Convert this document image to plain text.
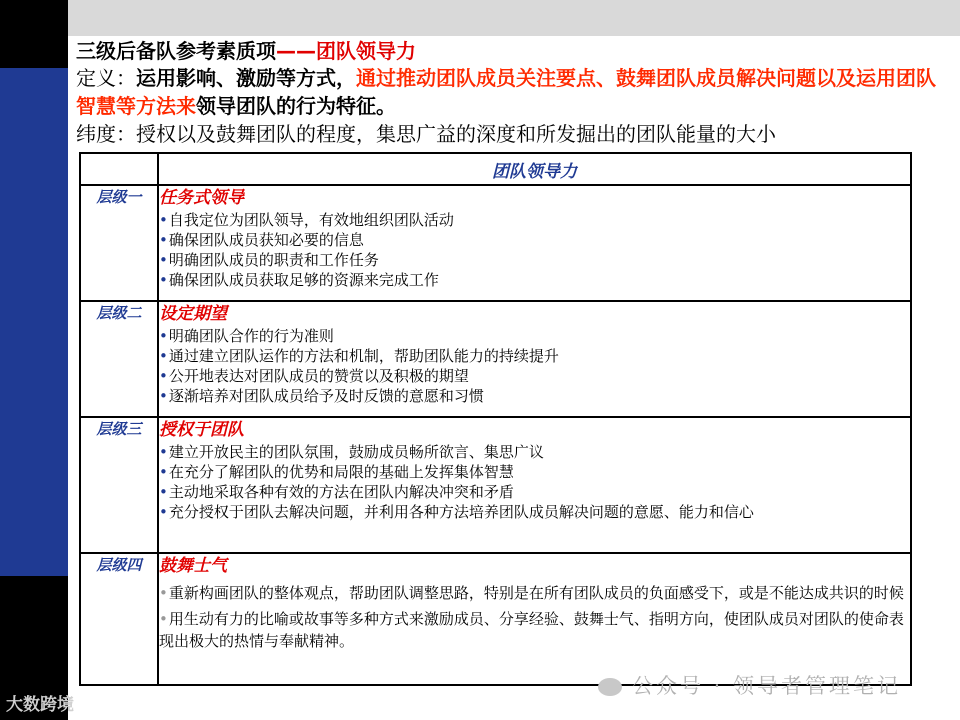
三级后备队参考素质项——团队领导力
定义：运用影响、激励等方式，通过推动团队成员关注要点、鼓舞团队成员解决问题以及运用团队智慧等方法来领导团队的行为特征。
纬度：授权以及鼓舞团队的程度，集思广益的深度和所发掘出的团队能量的大小
	团队领导力
层级一	任务式领导
•自我定位为团队领导，有效地组织团队活动
•确保团队成员获知必要的信息
•明确团队成员的职责和工作任务
•确保团队成员获取足够的资源来完成工作

层级二	设定期望
•明确团队合作的行为准则
•通过建立团队运作的方法和机制，帮助团队能力的持续提升
•公开地表达对团队成员的赞赏以及积极的期望
•逐渐培养对团队成员给予及时反馈的意愿和习惯

层级三	授权于团队
•建立开放民主的团队氛围，鼓励成员畅所欲言、集思广议
•在充分了解团队的优势和局限的基础上发挥集体智慧
•主动地采取各种有效的方法在团队内解决冲突和矛盾
•充分授权于团队去解决问题，并利用各种方法培养团队成员解决问题的意愿、能力和信心

层级四	鼓舞士气
•重新构画团队的整体观点，帮助团队调整思路，特别是在所有团队成员的负面感受下，或是不能达成共识的时候
•用生动有力的比喻或故事等多种方式来激励成员、分享经验、鼓舞士气、指明方向，使团队成员对团队的使命表现出极大的热情与奉献精神。
公众号 · 领导者管理笔记
大数跨境
